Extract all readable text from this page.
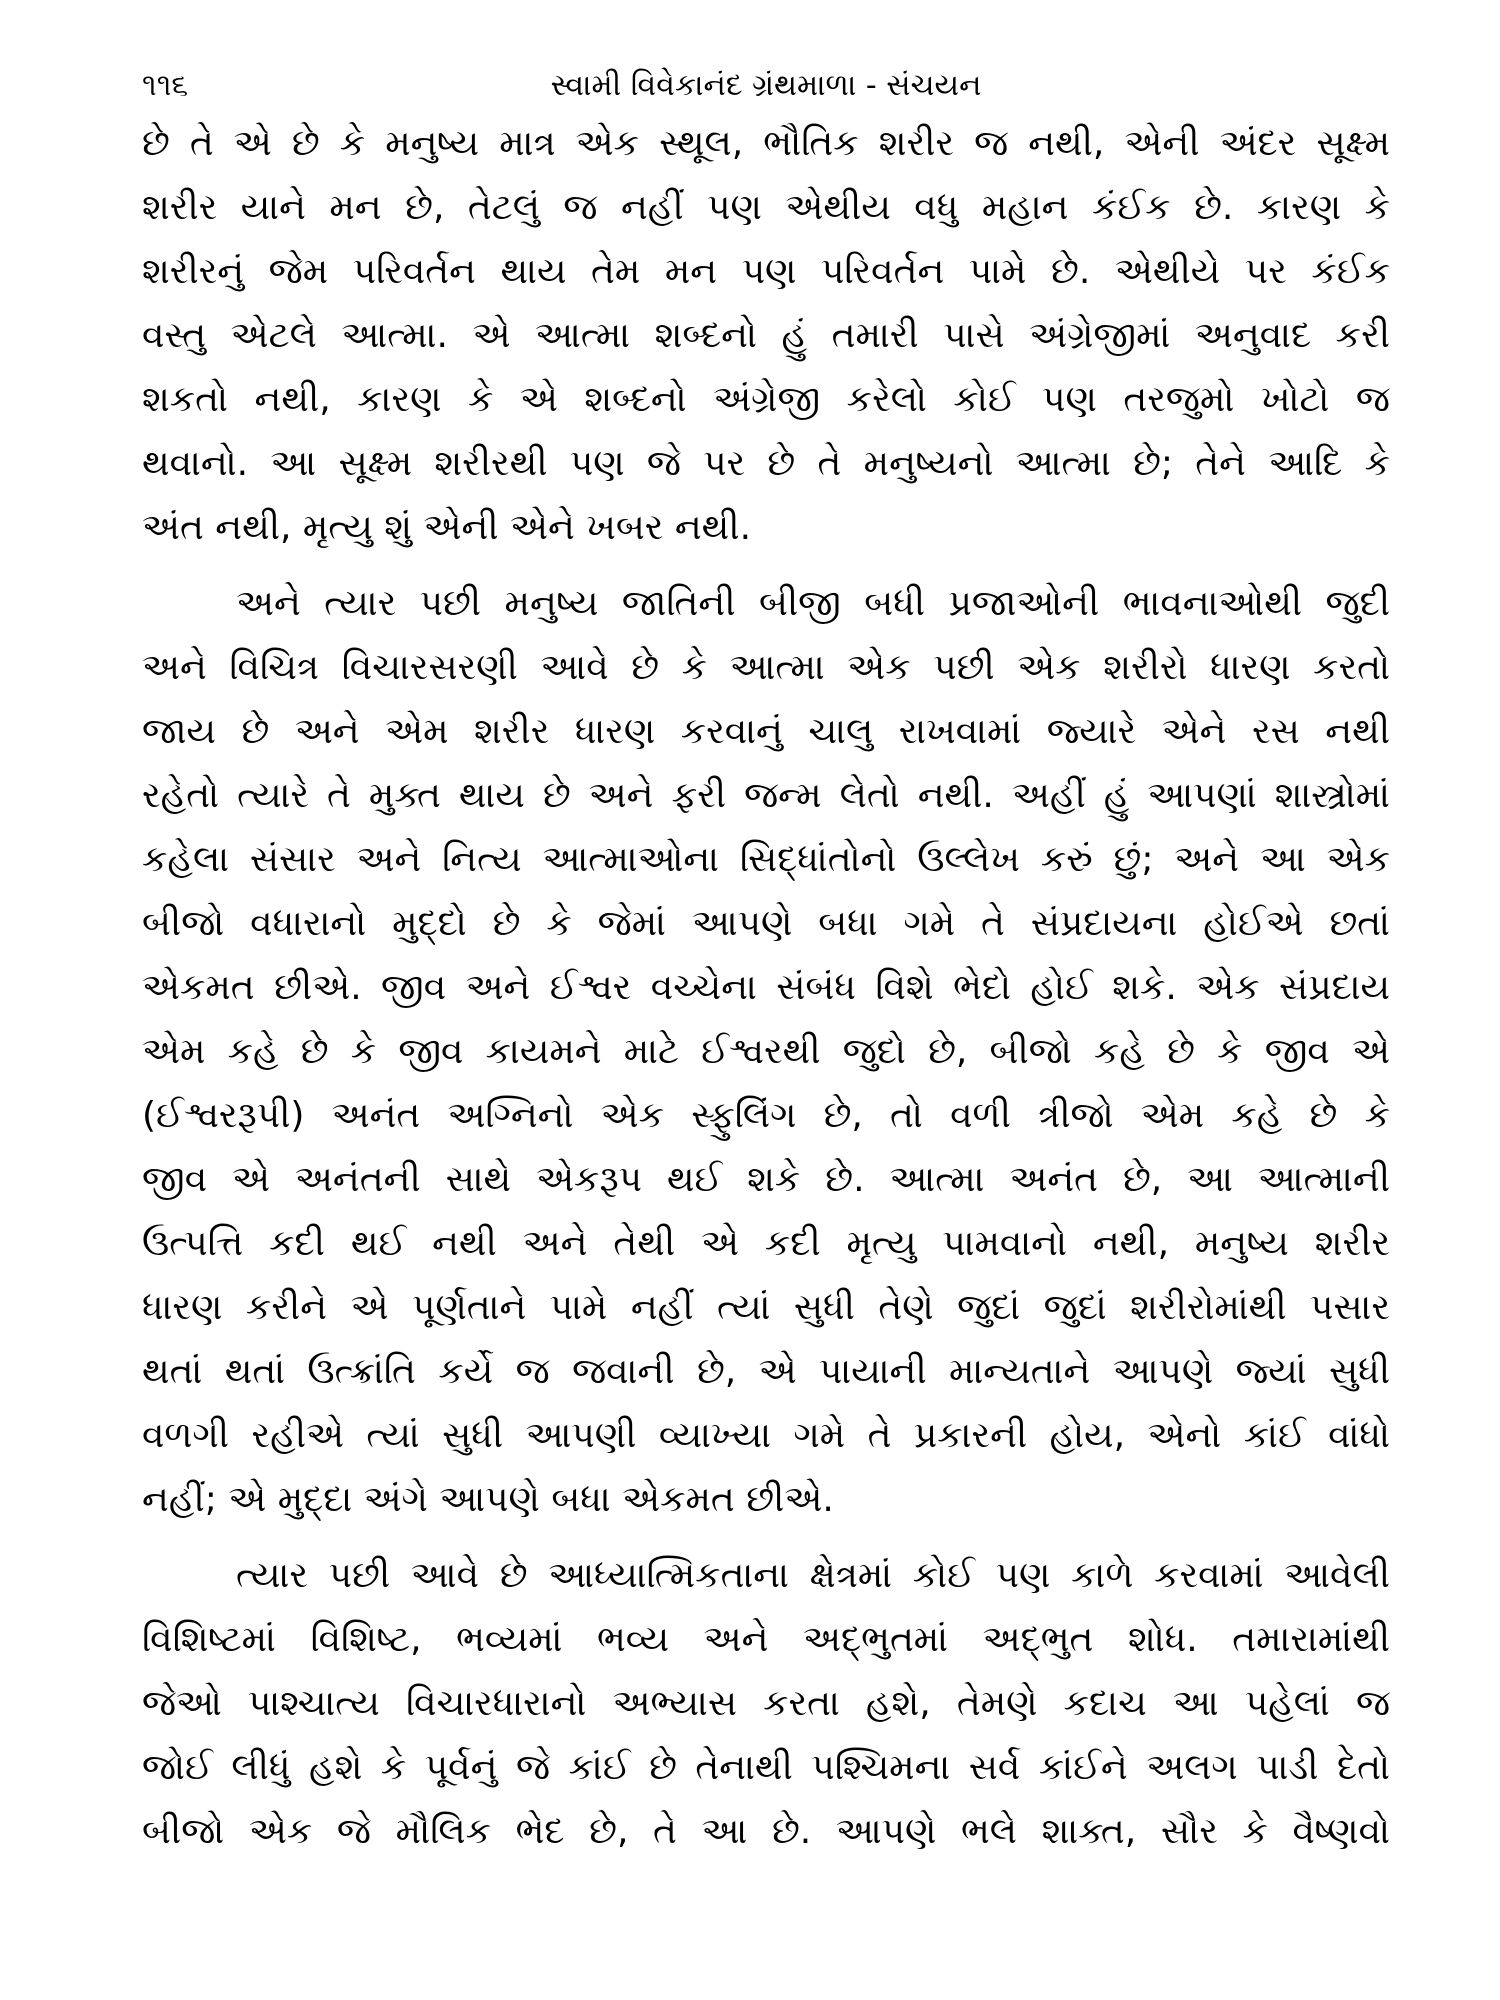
૧૧૬	સ્વામી વિવેકાનંદ ગ્રંથમાળા - સંચયન
છે તે એ છે કે મનુષ્ય માત્ર એક સ્થૂલ, ભૌતિક શરીર જ નથી, એની અંદર સૂક્ષ્મ
શરીર યાને મન છે, તેટલું જ નહીં પણ એથીય વધુ મહાન કંઈક છે. કારણ કે
શરીરનું જેમ પરિવર્તન થાય તેમ મન પણ પરિવર્તન પામે છે. એથીયે પર કંઈક
વસ્તુ એટલે આત્મા. એ આત્મા શબ્દનો હું તમારી પાસે અંગ્રેજીમાં અનુવાદ કરી
શકતો નથી, કારણ કે એ શબ્દનો અંગ્રેજી કરેલો કોઈ પણ તરજુમો ખોટો જ
થવાનો. આ સૂક્ષ્મ શરીરથી પણ જે પર છે તે મનુષ્યનો આત્મા છે; તેને આદિ કે
અંત નથી, મૃત્યુ શું એની એને ખબર નથી.
અને ત્યાર પછી મનુષ્ય જાતિની બીજી બધી પ્રજાઓની ભાવનાઓથી જુદી
અને વિચિત્ર વિચારસરણી આવે છે કે આત્મા એક પછી એક શરીરો ધારણ કરતો
જાય છે અને એમ શરીર ધારણ કરવાનું ચાલુ રાખવામાં જ્યારે એને રસ નથી
રહેતો ત્યારે તે મુક્ત થાય છે અને ફરી જન્મ લેતો નથી. અહીં હું આપણાં શાસ્ત્રોમાં
કહેલા સંસાર અને નિત્ય આત્માઓના સિદ્ધાંતોનો ઉલ્લેખ કરું છું; અને આ એક
બીજો વધારાનો મુદ્દો છે કે જેમાં આપણે બધા ગમે તે સંપ્રદાયના હોઈએ છતાં
એકમત છીએ. જીવ અને ઈશ્વર વચ્ચેના સંબંધ વિશે ભેદો હોઈ શકે. એક સંપ્રદાય
એમ કહે છે કે જીવ કાયમને માટે ઈશ્વરથી જુદો છે, બીજો કહે છે કે જીવ એ
(ઈશ્વરરૂપી) અનંત અગ્નિનો એક સ્ફુલિંગ છે, તો વળી ત્રીજો એમ કહે છે કે
જીવ એ અનંતની સાથે એકરૂપ થઈ શકે છે. આત્મા અનંત છે, આ આત્માની
ઉત્પત્તિ કદી થઈ નથી અને તેથી એ કદી મૃત્યુ પામવાનો નથી, મનુષ્ય શરીર
ધારણ કરીને એ પૂર્ણતાને પામે નહીં ત્યાં સુધી તેણે જુદાં જુદાં શરીરોમાંથી પસાર
થતાં થતાં ઉત્ક્રાંતિ કર્યે જ જવાની છે, એ પાયાની માન્યતાને આપણે જ્યાં સુધી
વળગી રહીએ ત્યાં સુધી આપણી વ્યાખ્યા ગમે તે પ્રકારની હોય, એનો કાંઈ વાંધો
નહીં; એ મુદ્દા અંગે આપણે બધા એકમત છીએ.
ત્યાર પછી આવે છે આધ્યાત્મિકતાના ક્ષેત્રમાં કોઈ પણ કાળે કરવામાં આવેલી
વિશિષ્ટમાં વિશિષ્ટ, ભવ્યમાં ભવ્ય અને અદ્ભુતમાં અદ્ભુત શોધ. તમારામાંથી
જેઓ પાશ્ચાત્ય વિચારધારાનો અભ્યાસ કરતા હશે, તેમણે કદાચ આ પહેલાં જ
જોઈ લીધું હશે કે પૂર્વનું જે કાંઈ છે તેનાથી પશ્ચિમના સર્વ કાંઈને અલગ પાડી દેતો
બીજો એક જે મૌલિક ભેદ છે, તે આ છે. આપણે ભલે શાક્ત, સૌર કે વૈષ્ણવો
